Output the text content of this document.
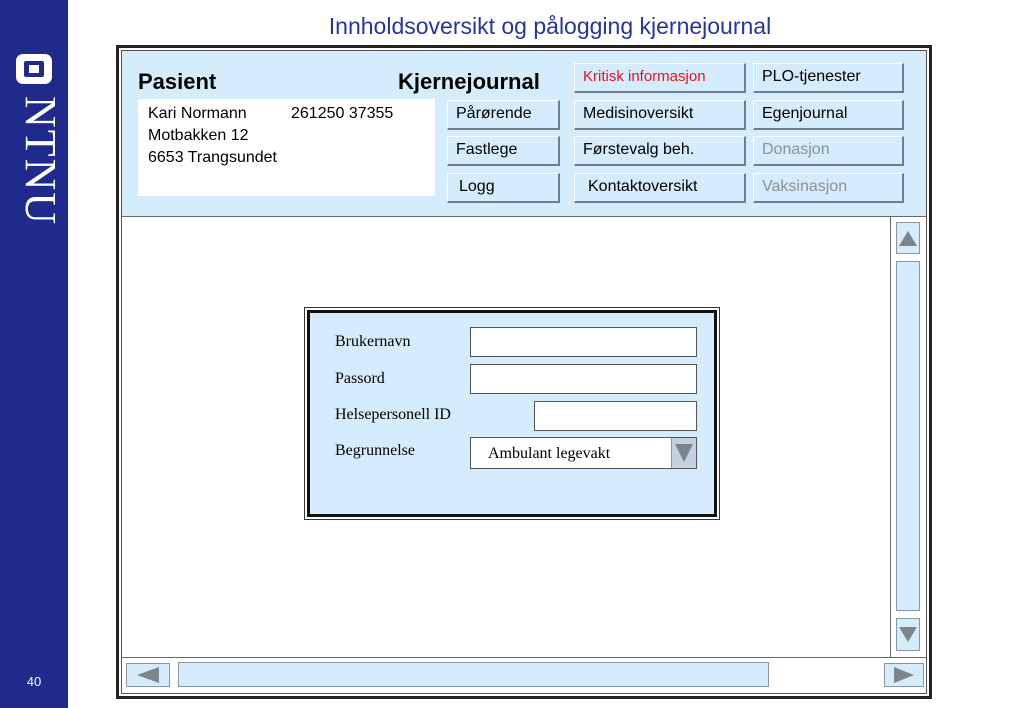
NTNU
40
Innholdsoversikt og pålogging kjernejournal
Pasient	Kjernejournal
Kari Normann	261250 37355
Motbakken 12
6653 Trangsundet
Kritisk informasjon	PLO-tjenester
Pårørende	Medisinoversikt	Egenjournal
Fastlege	Førstevalg beh.	Donasjon
Logg	Kontaktoversikt	Vaksinasjon
Brukernavn
Passord
Helsepersonell ID
Begrunnelse	Ambulant legevakt
